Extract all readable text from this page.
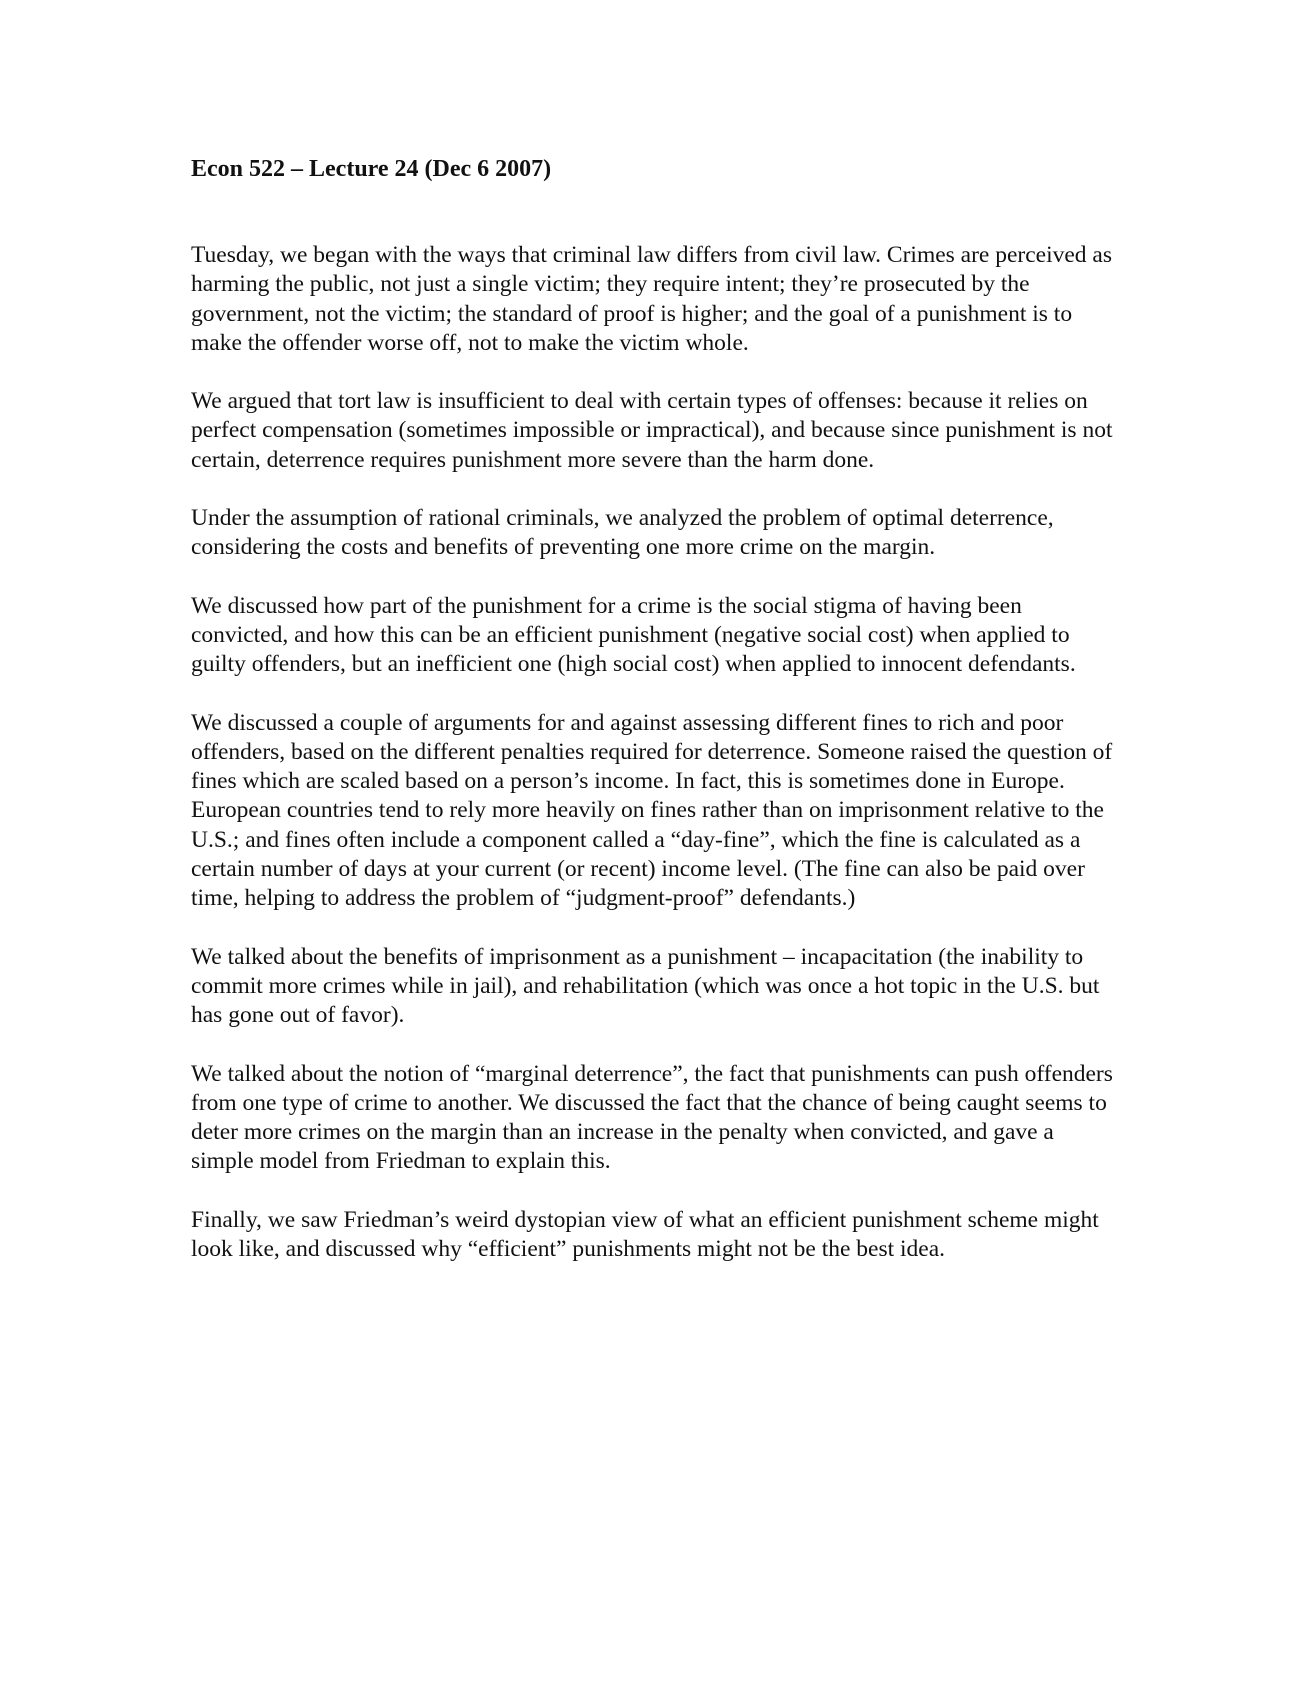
Econ 522 – Lecture 24 (Dec 6 2007)

Tuesday, we began with the ways that criminal law differs from civil law. Crimes are perceived as harming the public, not just a single victim; they require intent; they’re prosecuted by the government, not the victim; the standard of proof is higher; and the goal of a punishment is to make the offender worse off, not to make the victim whole.

We argued that tort law is insufficient to deal with certain types of offenses: because it relies on perfect compensation (sometimes impossible or impractical), and because since punishment is not certain, deterrence requires punishment more severe than the harm done.

Under the assumption of rational criminals, we analyzed the problem of optimal deterrence, considering the costs and benefits of preventing one more crime on the margin.

We discussed how part of the punishment for a crime is the social stigma of having been convicted, and how this can be an efficient punishment (negative social cost) when applied to guilty offenders, but an inefficient one (high social cost) when applied to innocent defendants.

We discussed a couple of arguments for and against assessing different fines to rich and poor offenders, based on the different penalties required for deterrence. Someone raised the question of fines which are scaled based on a person’s income. In fact, this is sometimes done in Europe. European countries tend to rely more heavily on fines rather than on imprisonment relative to the U.S.; and fines often include a component called a “day-fine”, which the fine is calculated as a certain number of days at your current (or recent) income level. (The fine can also be paid over time, helping to address the problem of “judgment-proof” defendants.)

We talked about the benefits of imprisonment as a punishment – incapacitation (the inability to commit more crimes while in jail), and rehabilitation (which was once a hot topic in the U.S. but has gone out of favor).

We talked about the notion of “marginal deterrence”, the fact that punishments can push offenders from one type of crime to another. We discussed the fact that the chance of being caught seems to deter more crimes on the margin than an increase in the penalty when convicted, and gave a simple model from Friedman to explain this.

Finally, we saw Friedman’s weird dystopian view of what an efficient punishment scheme might look like, and discussed why “efficient” punishments might not be the best idea.
